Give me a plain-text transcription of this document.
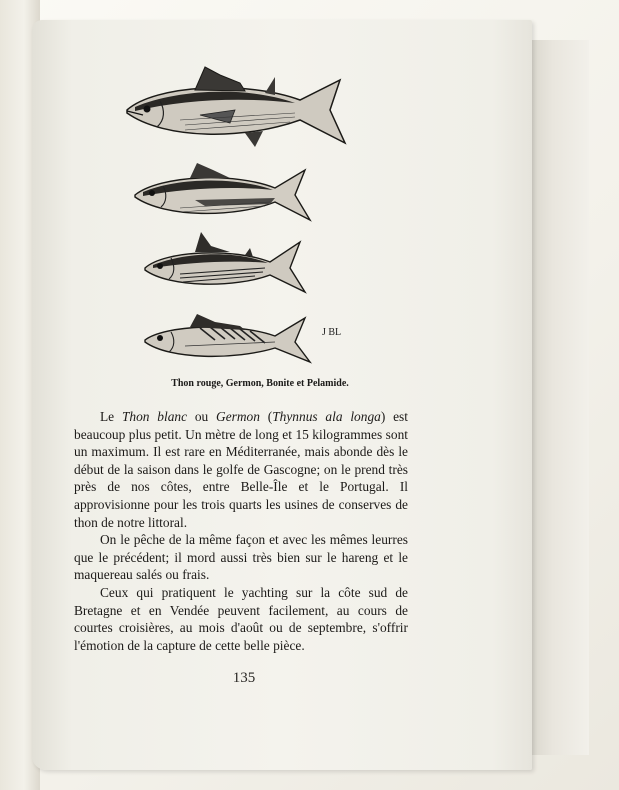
J BL
Thon rouge, Germon, Bonite et Pelamide.

Le Thon blanc ou Germon (Thynnus ala longa) est beaucoup plus petit. Un mètre de long et 15 kilogrammes sont un maximum. Il est rare en Méditerranée, mais abonde dès le début de la saison dans le golfe de Gascogne; on le prend très près de nos côtes, entre Belle-Île et le Portugal. Il approvisionne pour les trois quarts les usines de conserves de thon de notre littoral.

On le pêche de la même façon et avec les mêmes leurres que le précédent; il mord aussi très bien sur le hareng et le maquereau salés ou frais.

Ceux qui pratiquent le yachting sur la côte sud de Bretagne et en Vendée peuvent facilement, au cours de courtes croisières, au mois d'août ou de septembre, s'offrir l'émotion de la capture de cette belle pièce.

135
